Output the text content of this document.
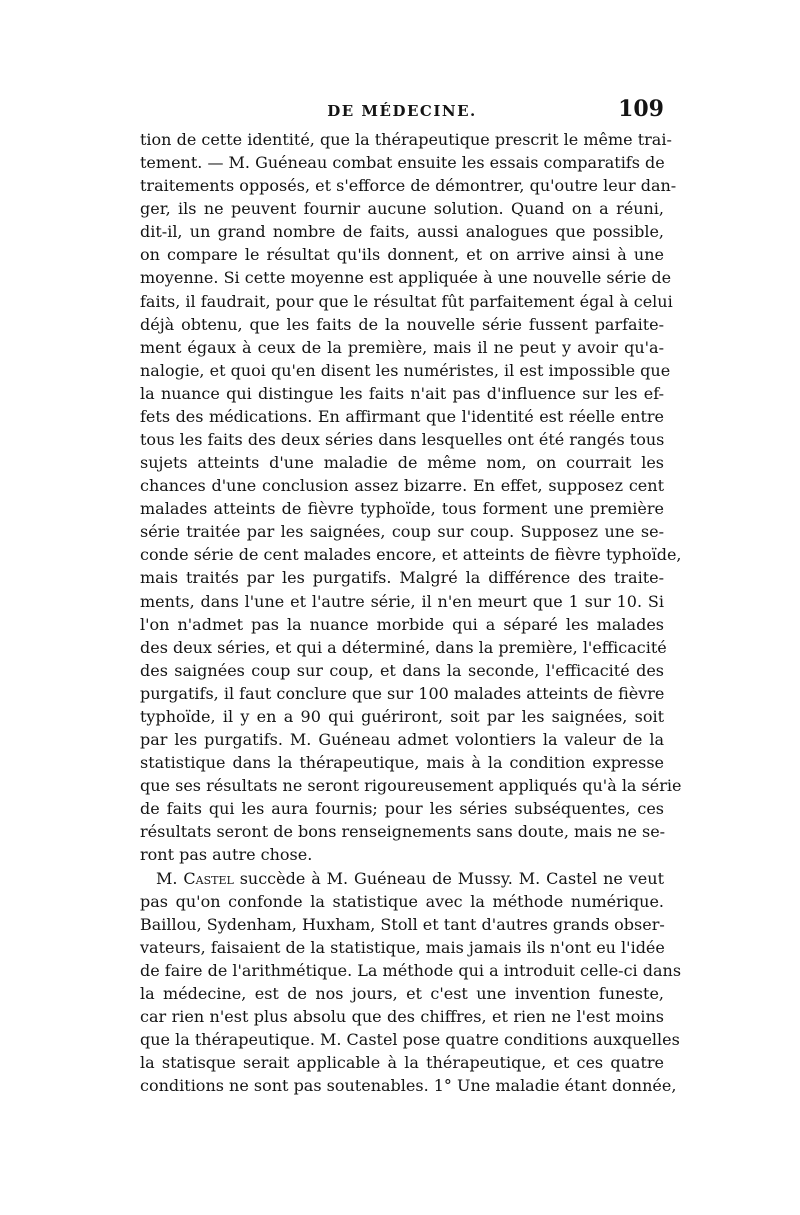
DE MÉDECINE.	109
tion de cette identité, que la thérapeutique prescrit le même trai-
tement. — M. Guéneau combat ensuite les essais comparatifs de
traitements opposés, et s'efforce de démontrer, qu'outre leur dan-
ger, ils ne peuvent fournir aucune solution. Quand on a réuni,
dit-il, un grand nombre de faits, aussi analogues que possible,
on compare le résultat qu'ils donnent, et on arrive ainsi à une
moyenne. Si cette moyenne est appliquée à une nouvelle série de
faits, il faudrait, pour que le résultat fût parfaitement égal à celui
déjà obtenu, que les faits de la nouvelle série fussent parfaite-
ment égaux à ceux de la première, mais il ne peut y avoir qu'a-
nalogie, et quoi qu'en disent les numéristes, il est impossible que
la nuance qui distingue les faits n'ait pas d'influence sur les ef-
fets des médications. En affirmant que l'identité est réelle entre
tous les faits des deux séries dans lesquelles ont été rangés tous
sujets atteints d'une maladie de même nom, on courrait les
chances d'une conclusion assez bizarre. En effet, supposez cent
malades atteints de fièvre typhoïde, tous forment une première
série traitée par les saignées, coup sur coup. Supposez une se-
conde série de cent malades encore, et atteints de fièvre typhoïde,
mais traités par les purgatifs. Malgré la différence des traite-
ments, dans l'une et l'autre série, il n'en meurt que 1 sur 10. Si
l'on n'admet pas la nuance morbide qui a séparé les malades
des deux séries, et qui a déterminé, dans la première, l'efficacité
des saignées coup sur coup, et dans la seconde, l'efficacité des
purgatifs, il faut conclure que sur 100 malades atteints de fièvre
typhoïde, il y en a 90 qui guériront, soit par les saignées, soit
par les purgatifs. M. Guéneau admet volontiers la valeur de la
statistique dans la thérapeutique, mais à la condition expresse
que ses résultats ne seront rigoureusement appliqués qu'à la série
de faits qui les aura fournis; pour les séries subséquentes, ces
résultats seront de bons renseignements sans doute, mais ne se-
ront pas autre chose.
M. Castel succède à M. Guéneau de Mussy. M. Castel ne veut
pas qu'on confonde la statistique avec la méthode numérique.
Baillou, Sydenham, Huxham, Stoll et tant d'autres grands obser-
vateurs, faisaient de la statistique, mais jamais ils n'ont eu l'idée
de faire de l'arithmétique. La méthode qui a introduit celle-ci dans
la médecine, est de nos jours, et c'est une invention funeste,
car rien n'est plus absolu que des chiffres, et rien ne l'est moins
que la thérapeutique. M. Castel pose quatre conditions auxquelles
la statisque serait applicable à la thérapeutique, et ces quatre
conditions ne sont pas soutenables. 1° Une maladie étant donnée,
